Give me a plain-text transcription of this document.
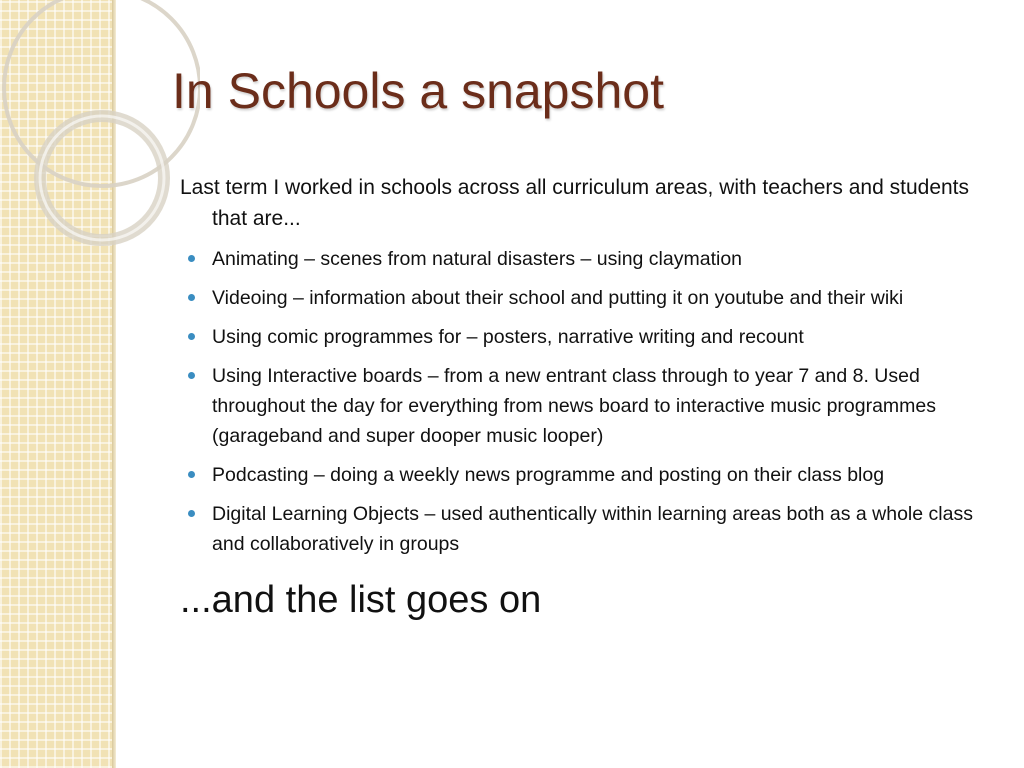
In Schools a snapshot

Last term I worked in schools across all curriculum areas, with teachers and students that are...

Animating – scenes from natural disasters – using claymation
Videoing – information about their school and putting it on youtube and their wiki
Using comic programmes for – posters, narrative writing and recount
Using Interactive boards – from a new entrant class through to year 7 and 8. Used throughout the day for everything from news board to interactive music programmes (garageband and super dooper music looper)
Podcasting – doing a weekly news programme and posting on their class blog
Digital Learning Objects – used authentically within learning areas both as a whole class and collaboratively in groups

...and the list goes on
